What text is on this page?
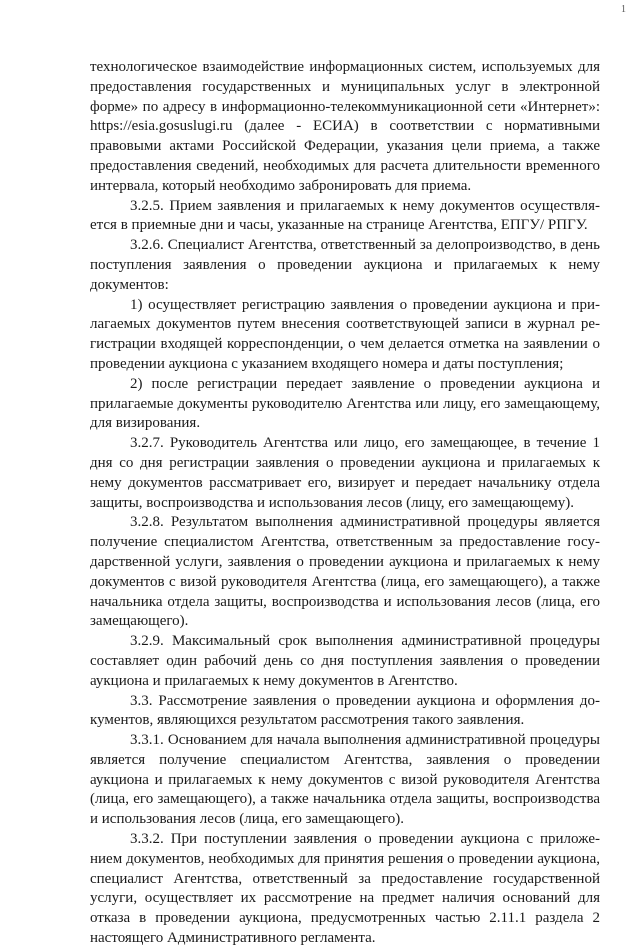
1

технологическое взаимодействие информационных систем, используемых для предоставления государственных и муниципальных услуг в электронной форме» по адресу в информационно-телекоммуникационной сети «Интернет»: https://esia.gosuslugi.ru (далее - ЕСИА) в соответствии с нормативными правовыми актами Российской Федерации, указания цели приема, а также предоставления сведений, необходимых для расчета длительности временного интервала, который необходимо забронировать для приема.

3.2.5. Прием заявления и прилагаемых к нему документов осуществляется в приемные дни и часы, указанные на странице Агентства, ЕПГУ/ РПГУ.

3.2.6. Специалист Агентства, ответственный за делопроизводство, в день поступления заявления о проведении аукциона и прилагаемых к нему документов:

1) осуществляет регистрацию заявления о проведении аукциона и прилагаемых документов путем внесения соответствующей записи в журнал регистрации входящей корреспонденции, о чем делается отметка на заявлении о проведении аукциона с указанием входящего номера и даты поступления;

2) после регистрации передает заявление о проведении аукциона и прилагаемые документы руководителю Агентства или лицу, его замещающему, для визирования.

3.2.7. Руководитель Агентства или лицо, его замещающее, в течение 1 дня со дня регистрации заявления о проведении аукциона и прилагаемых к нему документов рассматривает его, визирует и передает начальнику отдела защиты, воспроизводства и использования лесов (лицу, его замещающему).

3.2.8. Результатом выполнения административной процедуры является получение специалистом Агентства, ответственным за предоставление государственной услуги, заявления о проведении аукциона и прилагаемых к нему документов с визой руководителя Агентства (лица, его замещающего), а также начальника отдела защиты, воспроизводства и использования лесов (лица, его замещающего).

3.2.9. Максимальный срок выполнения административной процедуры составляет один рабочий день со дня поступления заявления о проведении аукциона и прилагаемых к нему документов в Агентство.

3.3. Рассмотрение заявления о проведении аукциона и оформления документов, являющихся результатом рассмотрения такого заявления.

3.3.1. Основанием для начала выполнения административной процедуры является получение специалистом Агентства, заявления о проведении аукциона и прилагаемых к нему документов с визой руководителя Агентства (лица, его замещающего), а также начальника отдела защиты, воспроизводства и использования лесов (лица, его замещающего).

3.3.2. При поступлении заявления о проведении аукциона с приложением документов, необходимых для принятия решения о проведении аукциона, специалист Агентства, ответственный за предоставление государственной услуги, осуществляет их рассмотрение на предмет наличия оснований для отказа в проведении аукциона, предусмотренных частью 2.11.1 раздела 2 настоящего Административного регламента.
